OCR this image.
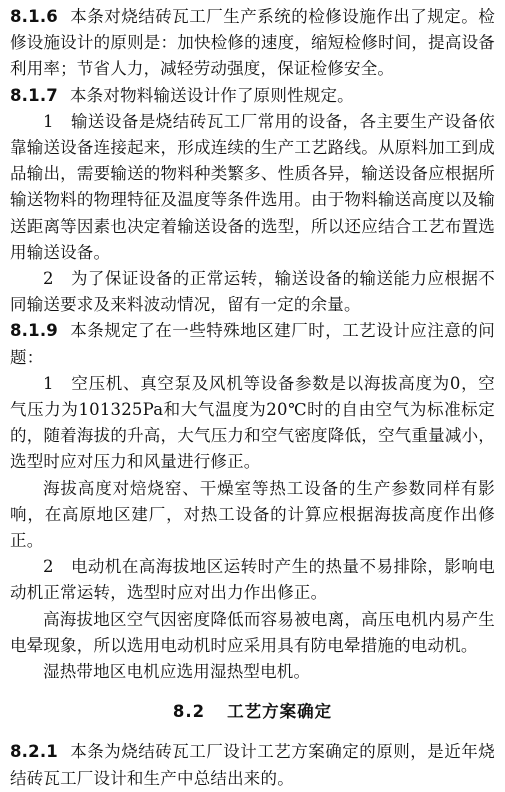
8.1.6 本条对烧结砖瓦工厂生产系统的检修设施作出了规定。检修设施设计的原则是：加快检修的速度，缩短检修时间，提高设备利用率；节省人力，减轻劳动强度，保证检修安全。

8.1.7 本条对物料输送设计作了原则性规定。

1　输送设备是烧结砖瓦工厂常用的设备，各主要生产设备依靠输送设备连接起来，形成连续的生产工艺路线。从原料加工到成品输出，需要输送的物料种类繁多、性质各异，输送设备应根据所输送物料的物理特征及温度等条件选用。由于物料输送高度以及输送距离等因素也决定着输送设备的选型，所以还应结合工艺布置选用输送设备。

2　为了保证设备的正常运转，输送设备的输送能力应根据不同输送要求及来料波动情况，留有一定的余量。

8.1.9 本条规定了在一些特殊地区建厂时，工艺设计应注意的问题：

1　空压机、真空泵及风机等设备参数是以海拔高度为0，空气压力为101325Pa和大气温度为20℃时的自由空气为标准标定的，随着海拔的升高，大气压力和空气密度降低，空气重量减小，选型时应对压力和风量进行修正。

海拔高度对焙烧窑、干燥室等热工设备的生产参数同样有影响，在高原地区建厂，对热工设备的计算应根据海拔高度作出修正。

2　电动机在高海拔地区运转时产生的热量不易排除，影响电动机正常运转，选型时应对出力作出修正。

高海拔地区空气因密度降低而容易被电离，高压电机内易产生电晕现象，所以选用电动机时应采用具有防电晕措施的电动机。

湿热带地区电机应选用湿热型电机。

8.2 工艺方案确定

8.2.1 本条为烧结砖瓦工厂设计工艺方案确定的原则，是近年烧结砖瓦工厂设计和生产中总结出来的。
